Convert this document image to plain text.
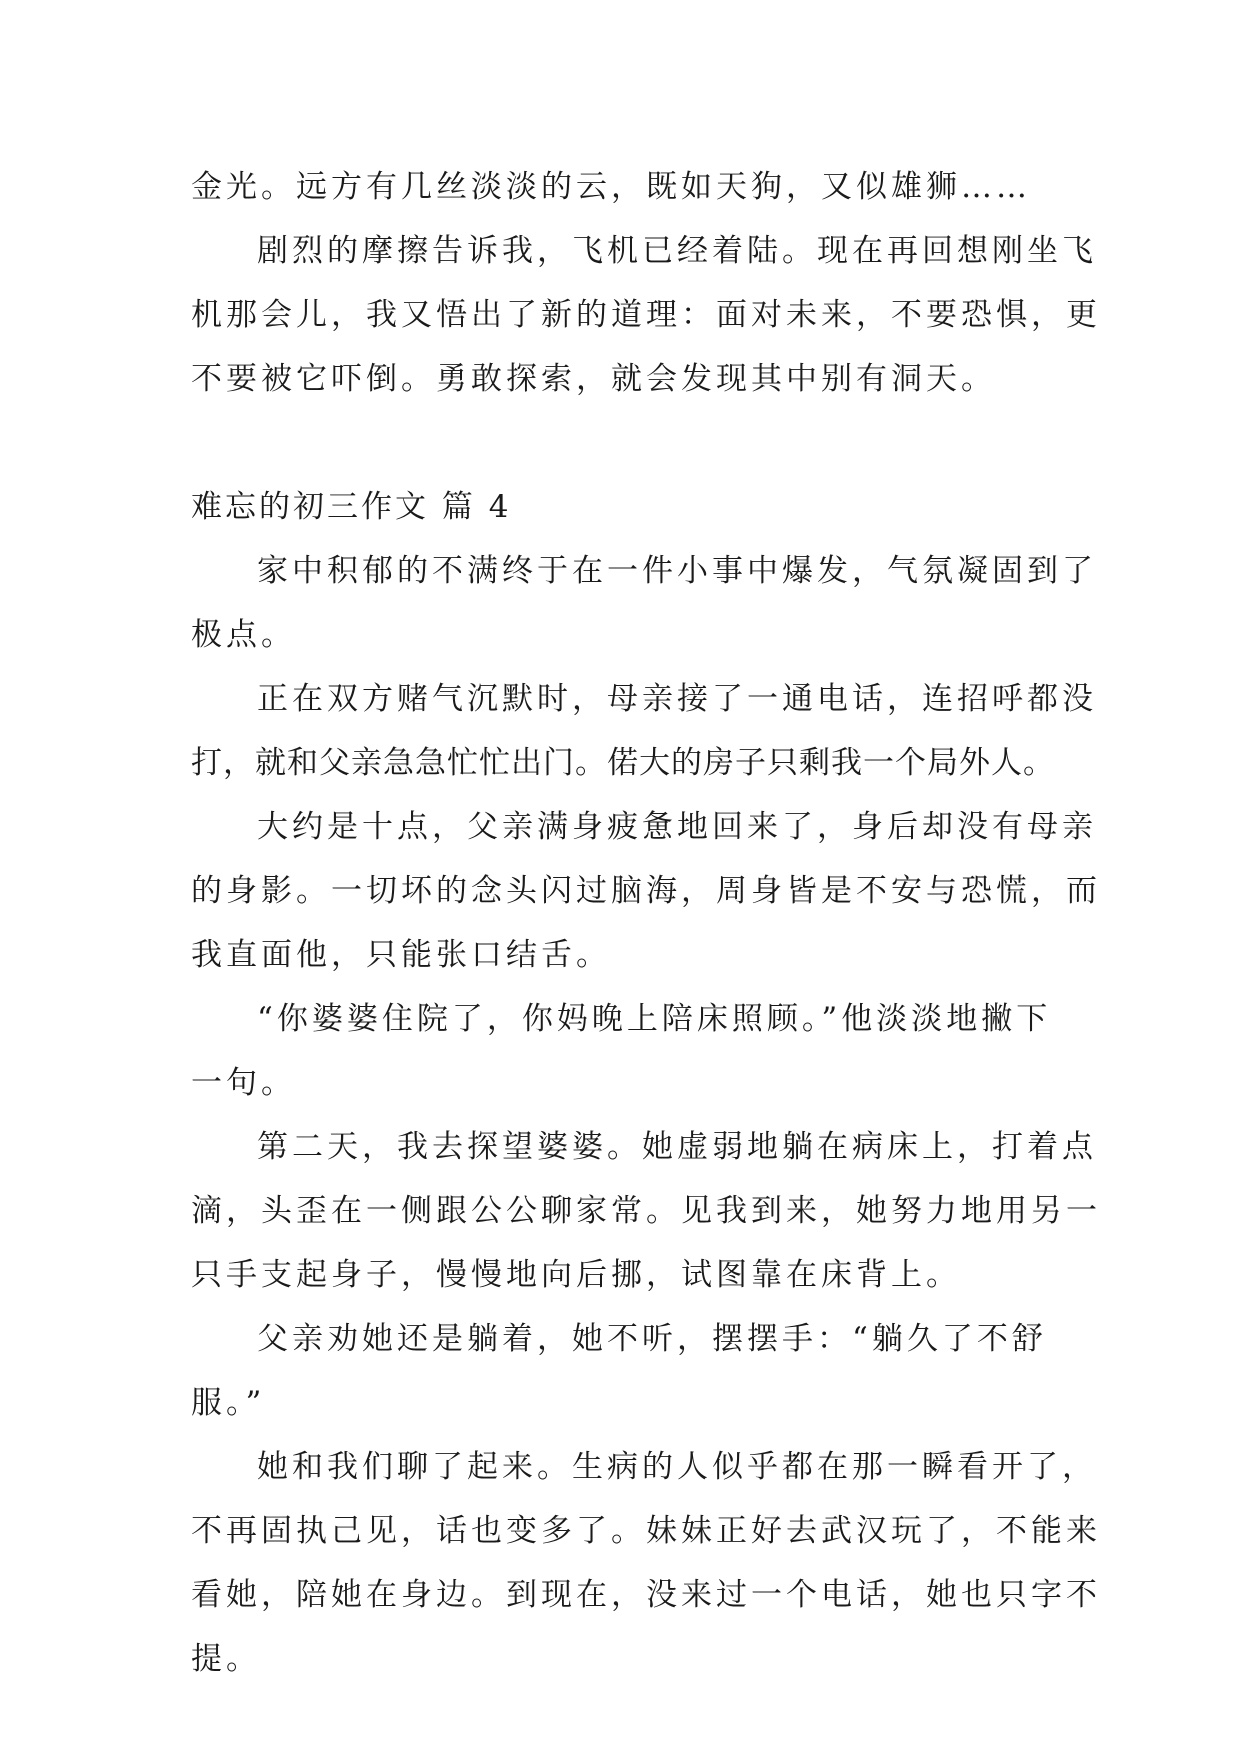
金光。远方有几丝淡淡的云，既如天狗，又似雄狮……
剧烈的摩擦告诉我，飞机已经着陆。现在再回想刚坐飞
机那会儿，我又悟出了新的道理：面对未来，不要恐惧，更
不要被它吓倒。勇敢探索，就会发现其中别有洞天。
难忘的初三作文 篇 4
家中积郁的不满终于在一件小事中爆发，气氛凝固到了
极点。
正在双方赌气沉默时，母亲接了一通电话，连招呼都没
打，就和父亲急急忙忙出门。偌大的房子只剩我一个局外人。
大约是十点，父亲满身疲惫地回来了，身后却没有母亲
的身影。一切坏的念头闪过脑海，周身皆是不安与恐慌，而
我直面他，只能张口结舌。
“你婆婆住院了，你妈晚上陪床照顾。”他淡淡地撇下
一句。
第二天，我去探望婆婆。她虚弱地躺在病床上，打着点
滴，头歪在一侧跟公公聊家常。见我到来，她努力地用另一
只手支起身子，慢慢地向后挪，试图靠在床背上。
父亲劝她还是躺着，她不听，摆摆手：“躺久了不舒
服。”
她和我们聊了起来。生病的人似乎都在那一瞬看开了，
不再固执己见，话也变多了。妹妹正好去武汉玩了，不能来
看她，陪她在身边。到现在，没来过一个电话，她也只字不
提。
